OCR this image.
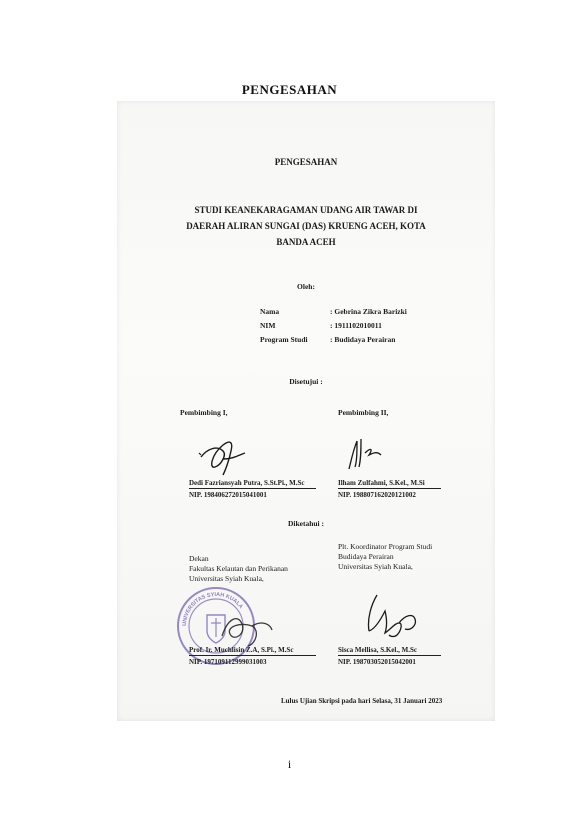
PENGESAHAN
PENGESAHAN
STUDI KEANEKARAGAMAN UDANG AIR TAWAR DI
DAERAH ALIRAN SUNGAI (DAS) KRUENG ACEH, KOTA
BANDA ACEH
Oleh:
Nama	: Gebrina Zikra Barizki
NIM	: 1911102010011
Program Studi	: Budidaya Perairan
Disetujui :
Pembimbing I,	Pembimbing II,
Dedi Fazriansyah Putra, S.St.Pi., M.Sc
NIP. 198406272015041001
Ilham Zulfahmi, S.Kel., M.Si
NIP. 198807162020121002
Diketahui :
Dekan
Fakultas Kelautan dan Perikanan
Universitas Syiah Kuala,
Plt. Koordinator Program Studi
Budidaya Perairan
Universitas Syiah Kuala,
UNIVERSITAS SYIAH KUALA
Prof. Ir. Muchlisin Z.A, S.Pi., M.Sc
NIP. 197109112999031003
Sisca Mellisa, S.Kel., M.Sc
NIP. 198703052015042001
Lulus Ujian Skripsi pada hari Selasa, 31 Januari 2023
i
